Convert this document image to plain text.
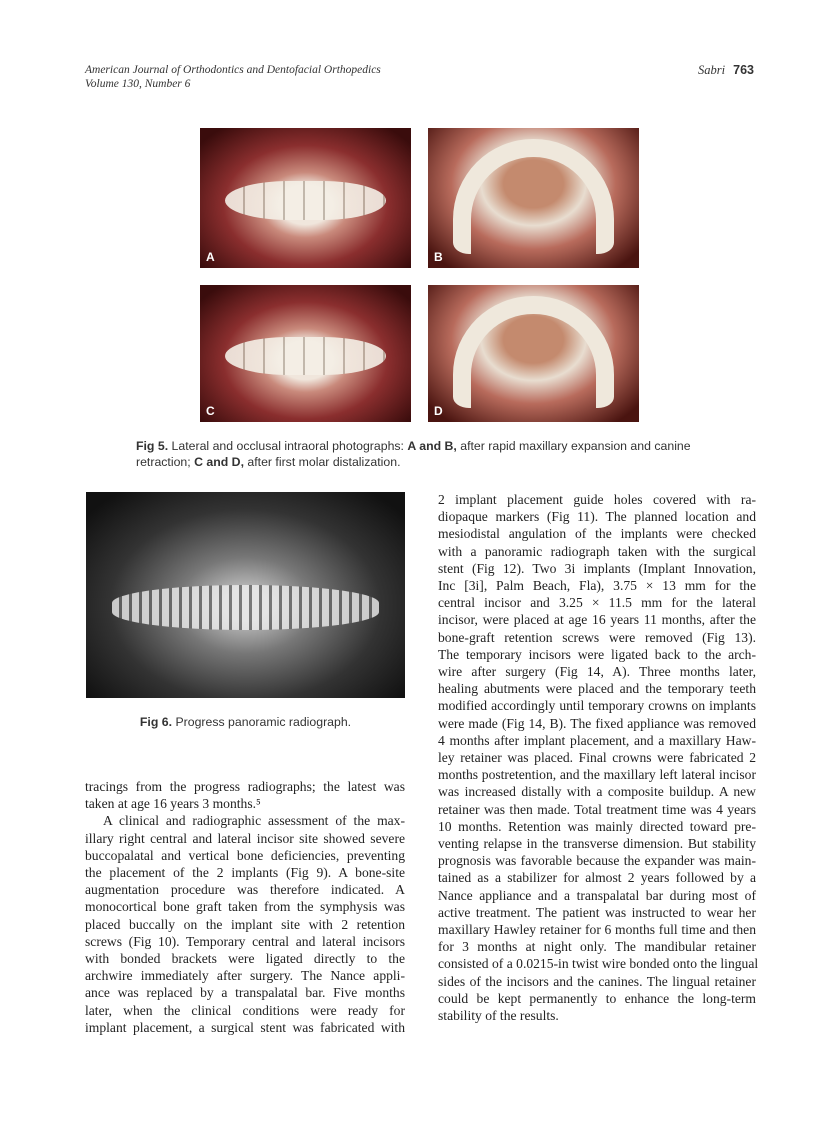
American Journal of Orthodontics and Dentofacial Orthopedics
Volume 130, Number 6
Sabri 763
A	B
C	D
Fig 5. Lateral and occlusal intraoral photographs: A and B, after rapid maxillary expansion and canine retraction; C and D, after first molar distalization.
Fig 6. Progress panoramic radiograph.
tracings from the progress radiographs; the latest was
taken at age 16 years 3 months.⁵
A clinical and radiographic assessment of the max-
illary right central and lateral incisor site showed severe
buccopalatal and vertical bone deficiencies, preventing
the placement of the 2 implants (Fig 9). A bone-site
augmentation procedure was therefore indicated. A
monocortical bone graft taken from the symphysis was
placed buccally on the implant site with 2 retention
screws (Fig 10). Temporary central and lateral incisors
with bonded brackets were ligated directly to the
archwire immediately after surgery. The Nance appli-
ance was replaced by a transpalatal bar. Five months
later, when the clinical conditions were ready for
implant placement, a surgical stent was fabricated with
2 implant placement guide holes covered with ra-
diopaque markers (Fig 11). The planned location and
mesiodistal angulation of the implants were checked
with a panoramic radiograph taken with the surgical
stent (Fig 12). Two 3i implants (Implant Innovation,
Inc [3i], Palm Beach, Fla), 3.75 × 13 mm for the
central incisor and 3.25 × 11.5 mm for the lateral
incisor, were placed at age 16 years 11 months, after the
bone-graft retention screws were removed (Fig 13).
The temporary incisors were ligated back to the arch-
wire after surgery (Fig 14, A). Three months later,
healing abutments were placed and the temporary teeth
modified accordingly until temporary crowns on implants
were made (Fig 14, B). The fixed appliance was removed
4 months after implant placement, and a maxillary Haw-
ley retainer was placed. Final crowns were fabricated 2
months postretention, and the maxillary left lateral incisor
was increased distally with a composite buildup. A new
retainer was then made. Total treatment time was 4 years
10 months. Retention was mainly directed toward pre-
venting relapse in the transverse dimension. But stability
prognosis was favorable because the expander was main-
tained as a stabilizer for almost 2 years followed by a
Nance appliance and a transpalatal bar during most of
active treatment. The patient was instructed to wear her
maxillary Hawley retainer for 6 months full time and then
for 3 months at night only. The mandibular retainer
consisted of a 0.0215-in twist wire bonded onto the lingual
sides of the incisors and the canines. The lingual retainer
could be kept permanently to enhance the long-term
stability of the results.
